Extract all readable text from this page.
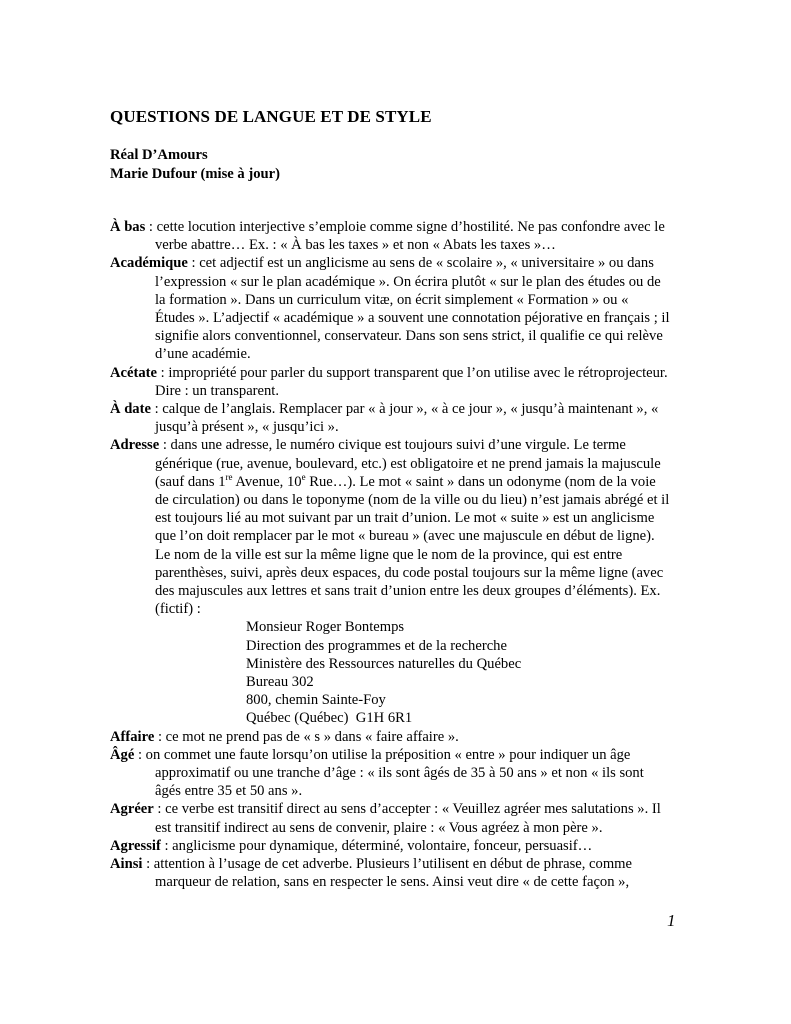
QUESTIONS DE LANGUE ET DE STYLE
Réal D’Amours
Marie Dufour (mise à jour)
À bas : cette locution interjective s’emploie comme signe d’hostilité. Ne pas confondre avec le verbe abattre… Ex. : « À bas les taxes » et non « Abats les taxes »…
Académique : cet adjectif est un anglicisme au sens de « scolaire », « universitaire » ou dans l’expression « sur le plan académique ». On écrira plutôt « sur le plan des études ou de la formation ». Dans un curriculum vitæ, on écrit simplement « Formation » ou « Études ». L’adjectif « académique » a souvent une connotation péjorative en français ; il signifie alors conventionnel, conservateur. Dans son sens strict, il qualifie ce qui relève d’une académie.
Acétate : impropriété pour parler du support transparent que l’on utilise avec le rétroprojecteur. Dire : un transparent.
À date : calque de l’anglais. Remplacer par « à jour », « à ce jour », « jusqu’à maintenant », « jusqu’à présent », « jusqu’ici ».
Adresse : dans une adresse, le numéro civique est toujours suivi d’une virgule. Le terme générique (rue, avenue, boulevard, etc.) est obligatoire et ne prend jamais la majuscule (sauf dans 1re Avenue, 10e Rue…). Le mot « saint » dans un odonyme (nom de la voie de circulation) ou dans le toponyme (nom de la ville ou du lieu) n’est jamais abrégé et il est toujours lié au mot suivant par un trait d’union. Le mot « suite » est un anglicisme que l’on doit remplacer par le mot « bureau » (avec une majuscule en début de ligne). Le nom de la ville est sur la même ligne que le nom de la province, qui est entre parenthèses, suivi, après deux espaces, du code postal toujours sur la même ligne (avec des majuscules aux lettres et sans trait d’union entre les deux groupes d’éléments). Ex. (fictif) :
Monsieur Roger Bontemps
Direction des programmes et de la recherche
Ministère des Ressources naturelles du Québec
Bureau 302
800, chemin Sainte-Foy
Québec (Québec)  G1H 6R1
Affaire : ce mot ne prend pas de « s » dans « faire affaire ».
Âgé : on commet une faute lorsqu’on utilise la préposition « entre » pour indiquer un âge approximatif ou une tranche d’âge : « ils sont âgés de 35 à 50 ans » et non « ils sont âgés entre 35 et 50 ans ».
Agréer : ce verbe est transitif direct au sens d’accepter : « Veuillez agréer mes salutations ». Il est transitif indirect au sens de convenir, plaire : « Vous agréez à mon père ».
Agressif : anglicisme pour dynamique, déterminé, volontaire, fonceur, persuasif…
Ainsi : attention à l’usage de cet adverbe. Plusieurs l’utilisent en début de phrase, comme marqueur de relation, sans en respecter le sens. Ainsi veut dire « de cette façon »,
1
